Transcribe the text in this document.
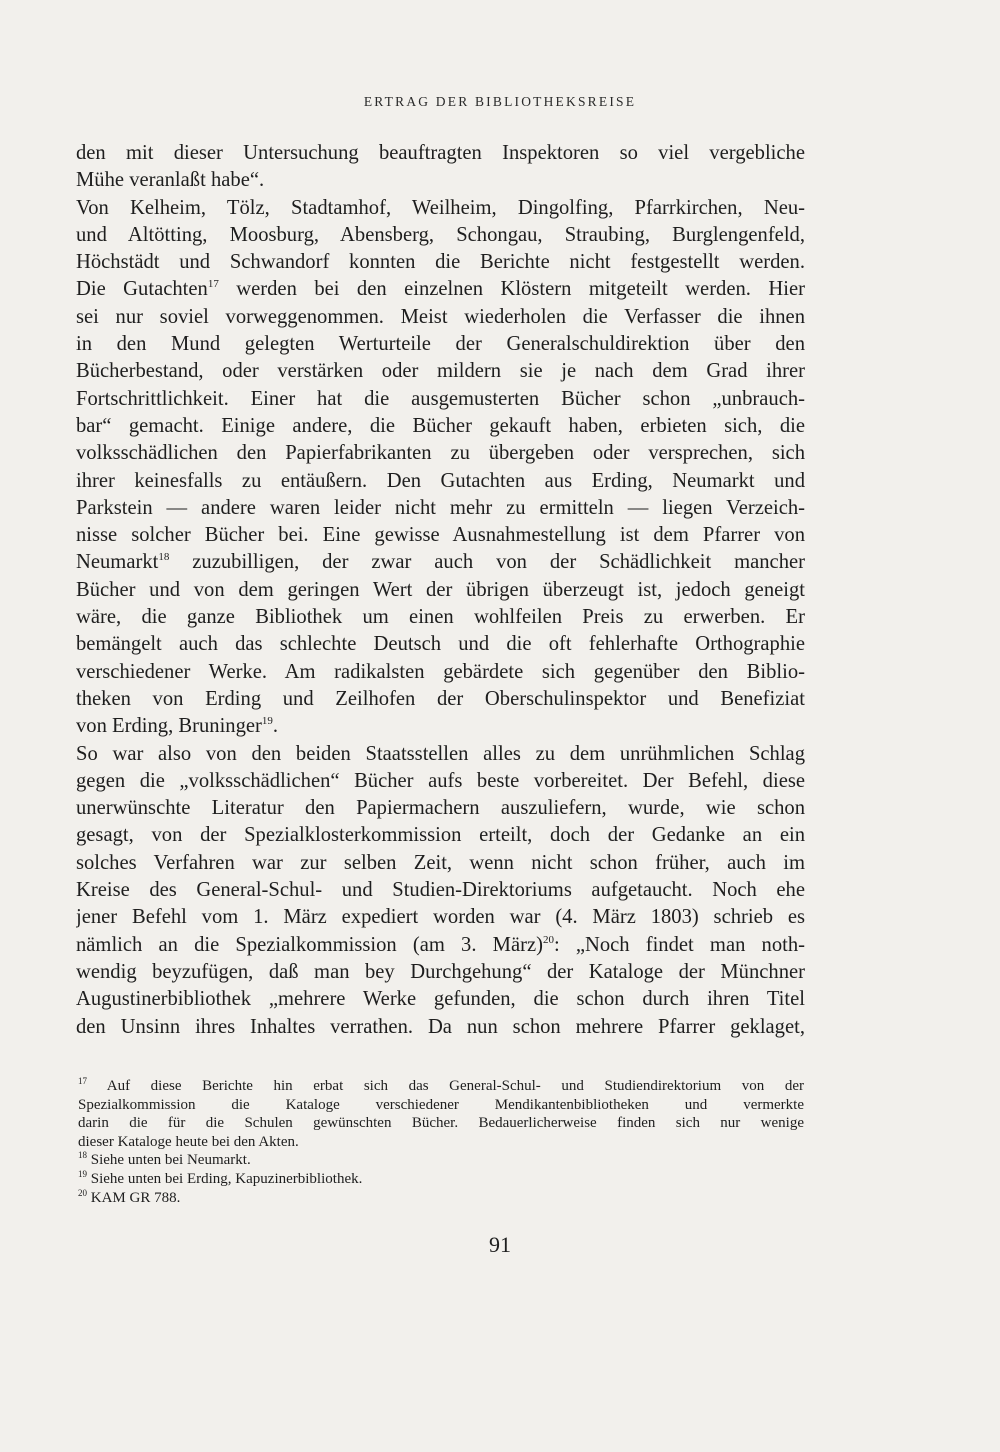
ERTRAG DER BIBLIOTHEKSREISE
den mit dieser Untersuchung beauftragten Inspektoren so viel vergebliche
Mühe veranlaßt habe“.
Von Kelheim, Tölz, Stadtamhof, Weilheim, Dingolfing, Pfarrkirchen, Neu-
und Altötting, Moosburg, Abensberg, Schongau, Straubing, Burglengenfeld,
Höchstädt und Schwandorf konnten die Berichte nicht festgestellt werden.
Die Gutachten$^{17}$ werden bei den einzelnen Klöstern mitgeteilt werden. Hier
sei nur soviel vorweggenommen. Meist wiederholen die Verfasser die ihnen
in den Mund gelegten Werturteile der Generalschuldirektion über den
Bücherbestand, oder verstärken oder mildern sie je nach dem Grad ihrer
Fortschrittlichkeit. Einer hat die ausgemusterten Bücher schon „unbrauch-
bar“ gemacht. Einige andere, die Bücher gekauft haben, erbieten sich, die
volksschädlichen den Papierfabrikanten zu übergeben oder versprechen, sich
ihrer keinesfalls zu entäußern. Den Gutachten aus Erding, Neumarkt und
Parkstein — andere waren leider nicht mehr zu ermitteln — liegen Verzeich-
nisse solcher Bücher bei. Eine gewisse Ausnahmestellung ist dem Pfarrer von
Neumarkt$^{18}$ zuzubilligen, der zwar auch von der Schädlichkeit mancher
Bücher und von dem geringen Wert der übrigen überzeugt ist, jedoch geneigt
wäre, die ganze Bibliothek um einen wohlfeilen Preis zu erwerben. Er
bemängelt auch das schlechte Deutsch und die oft fehlerhafte Orthographie
verschiedener Werke. Am radikalsten gebärdete sich gegenüber den Biblio-
theken von Erding und Zeilhofen der Oberschulinspektor und Benefiziat
von Erding, Bruninger$^{19}$.
So war also von den beiden Staatsstellen alles zu dem unrühmlichen Schlag
gegen die „volksschädlichen“ Bücher aufs beste vorbereitet. Der Befehl, diese
unerwünschte Literatur den Papiermachern auszuliefern, wurde, wie schon
gesagt, von der Spezialklosterkommission erteilt, doch der Gedanke an ein
solches Verfahren war zur selben Zeit, wenn nicht schon früher, auch im
Kreise des General-Schul- und Studien-Direktoriums aufgetaucht. Noch ehe
jener Befehl vom 1. März expediert worden war (4. März 1803) schrieb es
nämlich an die Spezialkommission (am 3. März)$^{20}$: „Noch findet man noth-
wendig beyzufügen, daß man bey Durchgehung“ der Kataloge der Münchner
Augustinerbibliothek „mehrere Werke gefunden, die schon durch ihren Titel
den Unsinn ihres Inhaltes verrathen. Da nun schon mehrere Pfarrer geklaget,
$^{17}$ Auf diese Berichte hin erbat sich das General-Schul- und Studiendirektorium von der
Spezialkommission die Kataloge verschiedener Mendikantenbibliotheken und vermerkte
darin die für die Schulen gewünschten Bücher. Bedauerlicherweise finden sich nur wenige
dieser Kataloge heute bei den Akten.
$^{18}$ Siehe unten bei Neumarkt.
$^{19}$ Siehe unten bei Erding, Kapuzinerbibliothek.
$^{20}$ KAM GR 788.
91
